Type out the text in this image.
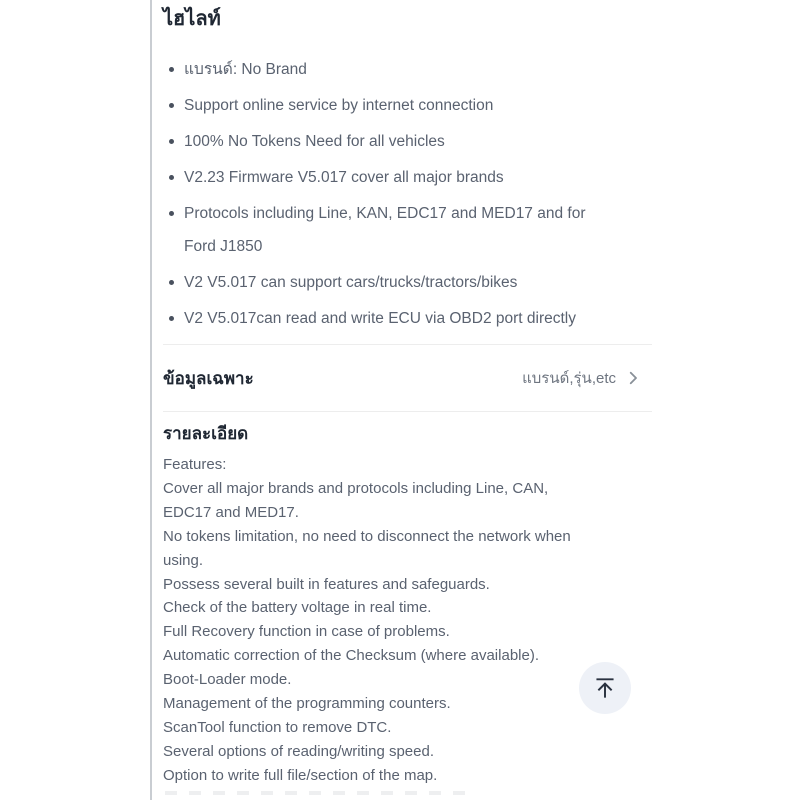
ไฮไลท์
แบรนด์: No Brand
Support online service by internet connection
100% No Tokens Need for all vehicles
V2.23 Firmware V5.017 cover all major brands
Protocols including Line, KAN, EDC17 and MED17 and for
Ford J1850
V2 V5.017 can support cars/trucks/tractors/bikes
V2 V5.017can read and write ECU via OBD2 port directly
ข้อมูลเฉพาะ	แบรนด์,รุ่น,etc
รายละเอียด
Features:
Cover all major brands and protocols including Line, CAN,
EDC17 and MED17.
No tokens limitation, no need to disconnect the network when
using.
Possess several built in features and safeguards.
Check of the battery voltage in real time.
Full Recovery function in case of problems.
Automatic correction of the Checksum (where available).
Boot-Loader mode.
Management of the programming counters.
ScanTool function to remove DTC.
Several options of reading/writing speed.
Option to write full file/section of the map.
